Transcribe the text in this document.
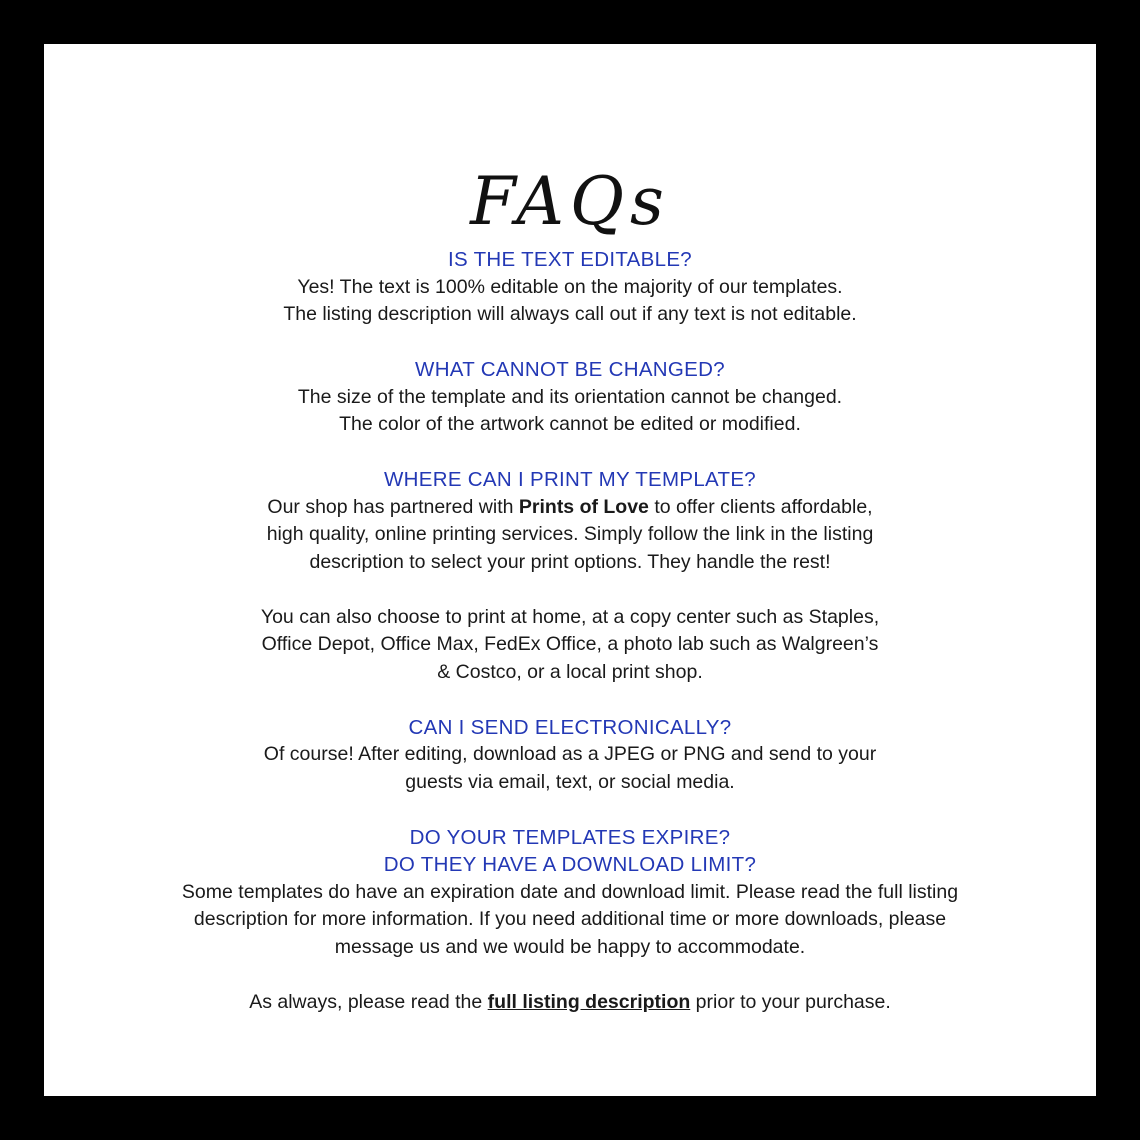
FAQs
IS THE TEXT EDITABLE?
Yes! The text is 100% editable on the majority of our templates.
The listing description will always call out if any text is not editable.
WHAT CANNOT BE CHANGED?
The size of the template and its orientation cannot be changed.
The color of the artwork cannot be edited or modified.
WHERE CAN I PRINT MY TEMPLATE?
Our shop has partnered with Prints of Love to offer clients affordable,
high quality, online printing services. Simply follow the link in the listing
description to select your print options. They handle the rest!
You can also choose to print at home, at a copy center such as Staples,
Office Depot, Office Max, FedEx Office, a photo lab such as Walgreen’s
& Costco, or a local print shop.
CAN I SEND ELECTRONICALLY?
Of course! After editing, download as a JPEG or PNG and send to your
guests via email, text, or social media.
DO YOUR TEMPLATES EXPIRE?
DO THEY HAVE A DOWNLOAD LIMIT?
Some templates do have an expiration date and download limit. Please read the full listing
description for more information. If you need additional time or more downloads, please
message us and we would be happy to accommodate.
As always, please read the full listing description prior to your purchase.
